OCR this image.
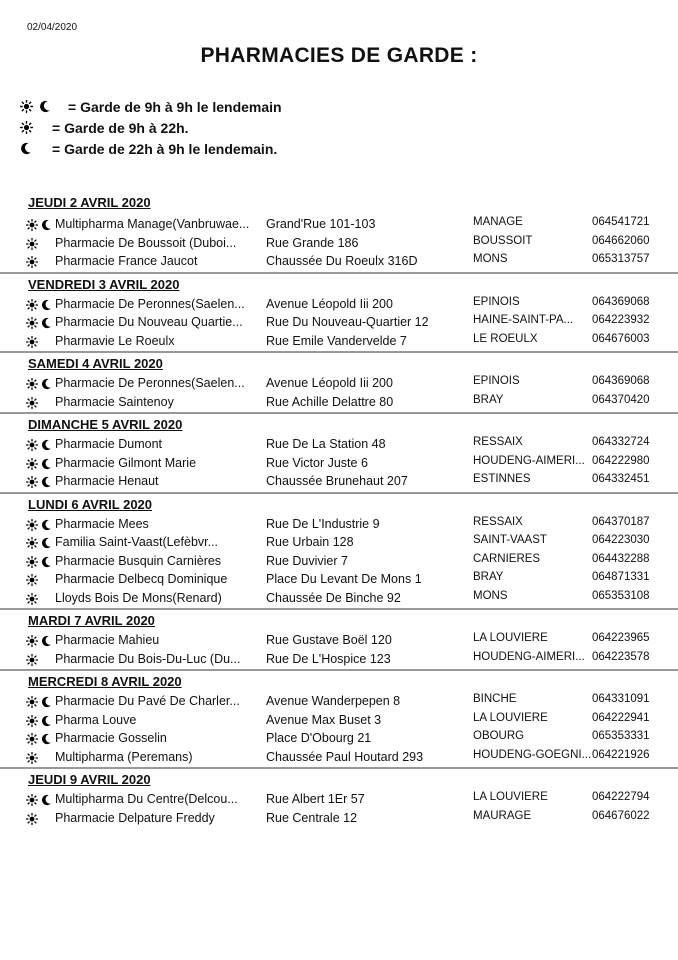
02/04/2020
PHARMACIES DE GARDE :
= Garde de 9h à 9h le lendemain
= Garde de 9h à 22h.
= Garde de 22h à 9h le lendemain.
JEUDI 2 AVRIL 2020
Multipharma Manage(Vanbruwae...	Grand'Rue 101-103	MANAGE	064541721
Pharmacie De Boussoit (Duboi...	Rue Grande 186	BOUSSOIT	064662060
Pharmacie France Jaucot	Chaussée Du Roeulx 316D	MONS	065313757
VENDREDI 3 AVRIL 2020
Pharmacie De Peronnes(Saelen...	Avenue Léopold Iii 200	EPINOIS	064369068
Pharmacie Du Nouveau Quartie...	Rue Du Nouveau-Quartier 12	HAINE-SAINT-PA...	064223932
Pharmavie Le Roeulx	Rue Emile Vandervelde 7	LE ROEULX	064676003
SAMEDI 4 AVRIL 2020
Pharmacie De Peronnes(Saelen...	Avenue Léopold Iii 200	EPINOIS	064369068
Pharmacie Saintenoy	Rue Achille Delattre 80	BRAY	064370420
DIMANCHE 5 AVRIL 2020
Pharmacie Dumont	Rue De La Station 48	RESSAIX	064332724
Pharmacie Gilmont Marie	Rue Victor Juste 6	HOUDENG-AIMERI... 064222980
Pharmacie Henaut	Chaussée Brunehaut 207	ESTINNES	064332451
LUNDI 6 AVRIL 2020
Pharmacie Mees	Rue De L'Industrie 9	RESSAIX	064370187
Familia Saint-Vaast(Lefèbvr...	Rue Urbain 128	SAINT-VAAST	064223030
Pharmacie Busquin Carnières	Rue Duvivier 7	CARNIÈRES	064432288
Pharmacie Delbecq Dominique	Place Du Levant De Mons 1	BRAY	064871331
Lloyds Bois De Mons(Renard)	Chaussée De Binche 92	MONS	065353108
MARDI 7 AVRIL 2020
Pharmacie Mahieu	Rue Gustave Boël 120	LA LOUVIERE	064223965
Pharmacie Du Bois-Du-Luc (Du...	Rue De L'Hospice 123	HOUDENG-AIMERI... 064223578
MERCREDI 8 AVRIL 2020
Pharmacie Du Pavé De Charler...	Avenue Wanderpepen 8	BINCHE	064331091
Pharma Louve	Avenue Max Buset 3	LA LOUVIERE	064222941
Pharmacie Gosselin	Place D'Obourg 21	OBOURG	065353331
Multipharma (Peremans)	Chaussée Paul Houtard 293	HOUDENG-GOEGNI... 064221926
JEUDI 9 AVRIL 2020
Multipharma Du Centre(Delcou...	Rue Albert 1Er 57	LA LOUVIERE	064222794
Pharmacie Delpature Freddy	Rue Centrale 12	MAURAGE	064676022
